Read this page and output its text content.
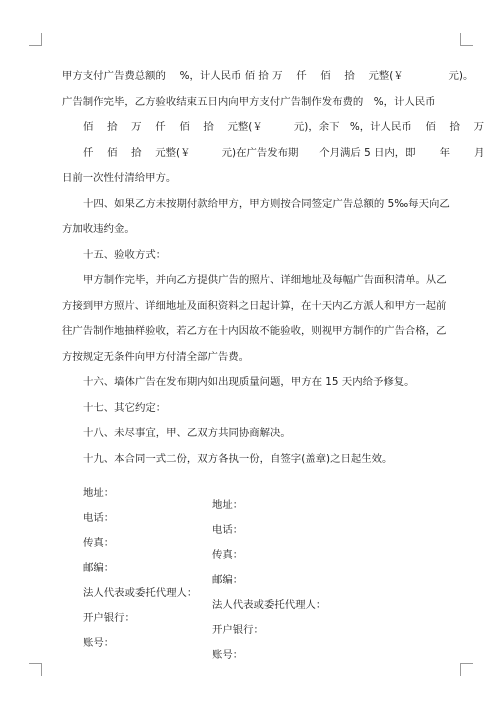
甲方支付广告费总额的　 %，计人民币 佰 拾 万 　仟　 佰　 拾　 元整(￥　　　　 元)。
广告制作完毕，乙方验收结束五日内向甲方支付广告制作发布费的　%，计人民币
佰　 拾　 万　 仟　 佰　 拾　 元整(￥　　　元)，余下　%，计人民币　 佰　 拾　 万
仟　 佰　 拾　 元整(￥　　　元)在广告发布期　　个月满后 5 日内，即　　 年　　 月
日前一次性付清给甲方。
十四、如果乙方未按期付款给甲方，甲方则按合同签定广告总额的 5‰每天向乙
方加收违约金。
十五、验收方式：
甲方制作完毕，并向乙方提供广告的照片、详细地址及每幅广告面积清单。从乙
方接到甲方照片、详细地址及面积资料之日起计算，在十天内乙方派人和甲方一起前
往广告制作地抽样验收，若乙方在十内因故不能验收，则视甲方制作的广告合格，乙
方按规定无条件向甲方付清全部广告费。
十六、墙体广告在发布期内如出现质量问题，甲方在 15 天内给予修复。
十七、其它约定：
十八、未尽事宜，甲、乙双方共同协商解决。
十九、本合同一式二份，双方各执一份，自签字(盖章)之日起生效。

地址：

地址：

电话：

电话：

传真：

传真：

邮编：

邮编：

法人代表或委托代理人：

法人代表或委托代理人：

开户银行：

开户银行：

账号：

账号：
